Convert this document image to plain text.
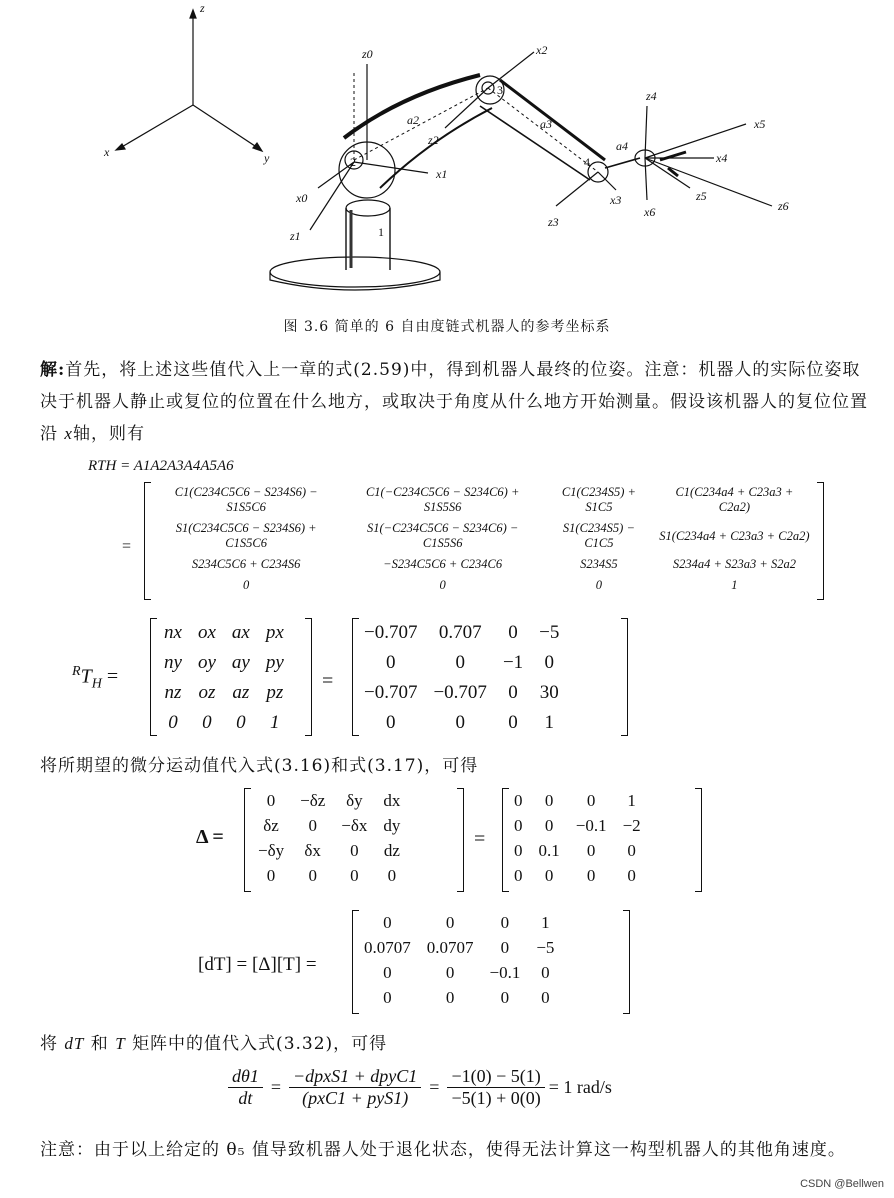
z
x	y
z0
x0
z1
x1
x2
z2
a2	a3
z3
x3
a4
z4
x4
x5
z5
x6	z6
1
2
3
4
图 3.6 简单的 6 自由度链式机器人的参考坐标系
解:首先，将上述这些值代入上一章的式(2.59)中，得到机器人最终的位姿。注意：机器人的实际位姿取决于机器人静止或复位的位置在什么地方，或取决于角度从什么地方开始测量。假设该机器人的复位位置沿 x轴，则有
RTH = A1A2A3A4A5A6
=
C1(C234C5C6 − S234S6) − S1S5C6	C1(−C234C5C6 − S234C6) + S1S5S6	C1(C234S5) + S1C5	C1(C234a4 + C23a3 + C2a2)
S1(C234C5C6 − S234S6) + C1S5C6	S1(−C234C5C6 − S234C6) − C1S5S6	S1(C234S5) − C1C5	S1(C234a4 + C23a3 + C2a2)
S234C5C6 + C234S6	−S234C5C6 + C234C6	S234S5	S234a4 + S23a3 + S2a2
0	0	0	1
$^RT_H$ =
nx	ox	ax	px
ny	oy	ay	py
nz	oz	az	pz
0	0	0	1
=
−0.707	0.707	0	−5
0	0	−1	0
−0.707	−0.707	0	30
0	0	0	1
将所期望的微分运动值代入式(3.16)和式(3.17)，可得
Δ =
0	−δz	δy	dx
δz	0	−δx	dy
−δy	δx	0	dz
0	0	0	0
=
0	0	0	1
0	0	−0.1	−2
0	0.1	0	0
0	0	0	0
[dT] = [Δ][T] =
0	0	0	1
0.0707	0.0707	0	−5
0	0	−0.1	0
0	0	0	0
将 dT 和 T 矩阵中的值代入式(3.32)，可得
dθ1
dt
=
−dpxS1 + dpyC1
(pxC1 + pyS1)
=
−1(0) − 5(1)
−5(1) + 0(0)
= 1 rad/s
注意：由于以上给定的 θ₅ 值导致机器人处于退化状态，使得无法计算这一构型机器人的其他角速度。
CSDN @Bellwen
